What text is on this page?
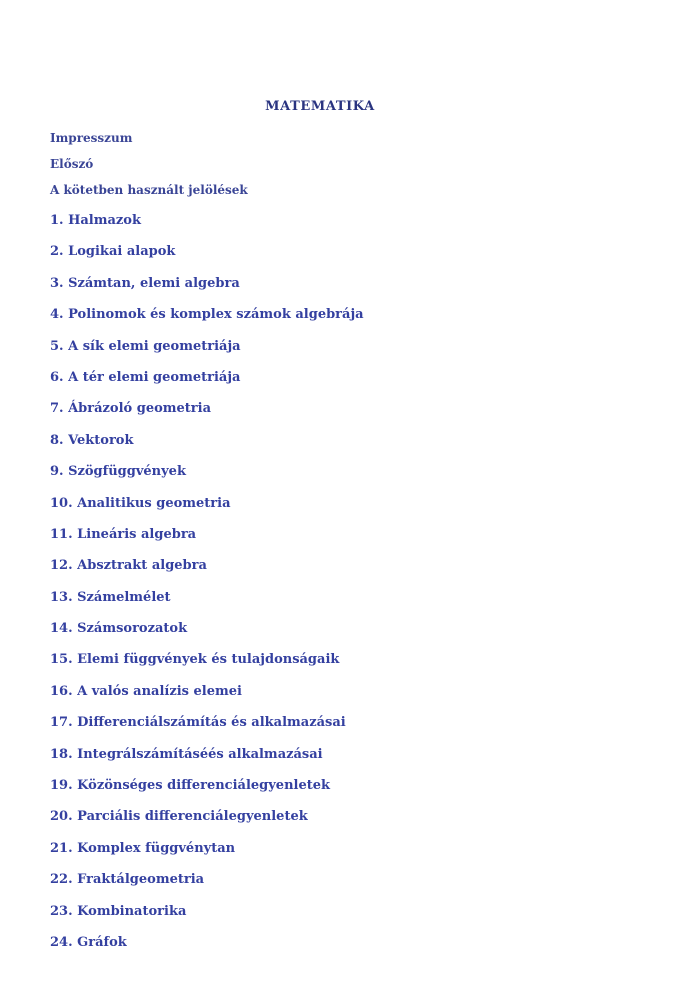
MATEMATIKA
Impresszum
Előszó
A kötetben használt jelölések
1. Halmazok
2. Logikai alapok
3. Számtan, elemi algebra
4. Polinomok és komplex számok algebrája
5. A sík elemi geometriája
6. A tér elemi geometriája
7. Ábrázoló geometria
8. Vektorok
9. Szögfüggvények
10. Analitikus geometria
11. Lineáris algebra
12. Absztrakt algebra
13. Számelmélet
14. Számsorozatok
15. Elemi függvények és tulajdonságaik
16. A valós analízis elemei
17. Differenciálszámítás és alkalmazásai
18. Integrálszámításéés alkalmazásai
19. Közönséges differenciálegyenletek
20. Parciális differenciálegyenletek
21. Komplex függvénytan
22. Fraktálgeometria
23. Kombinatorika
24. Gráfok
